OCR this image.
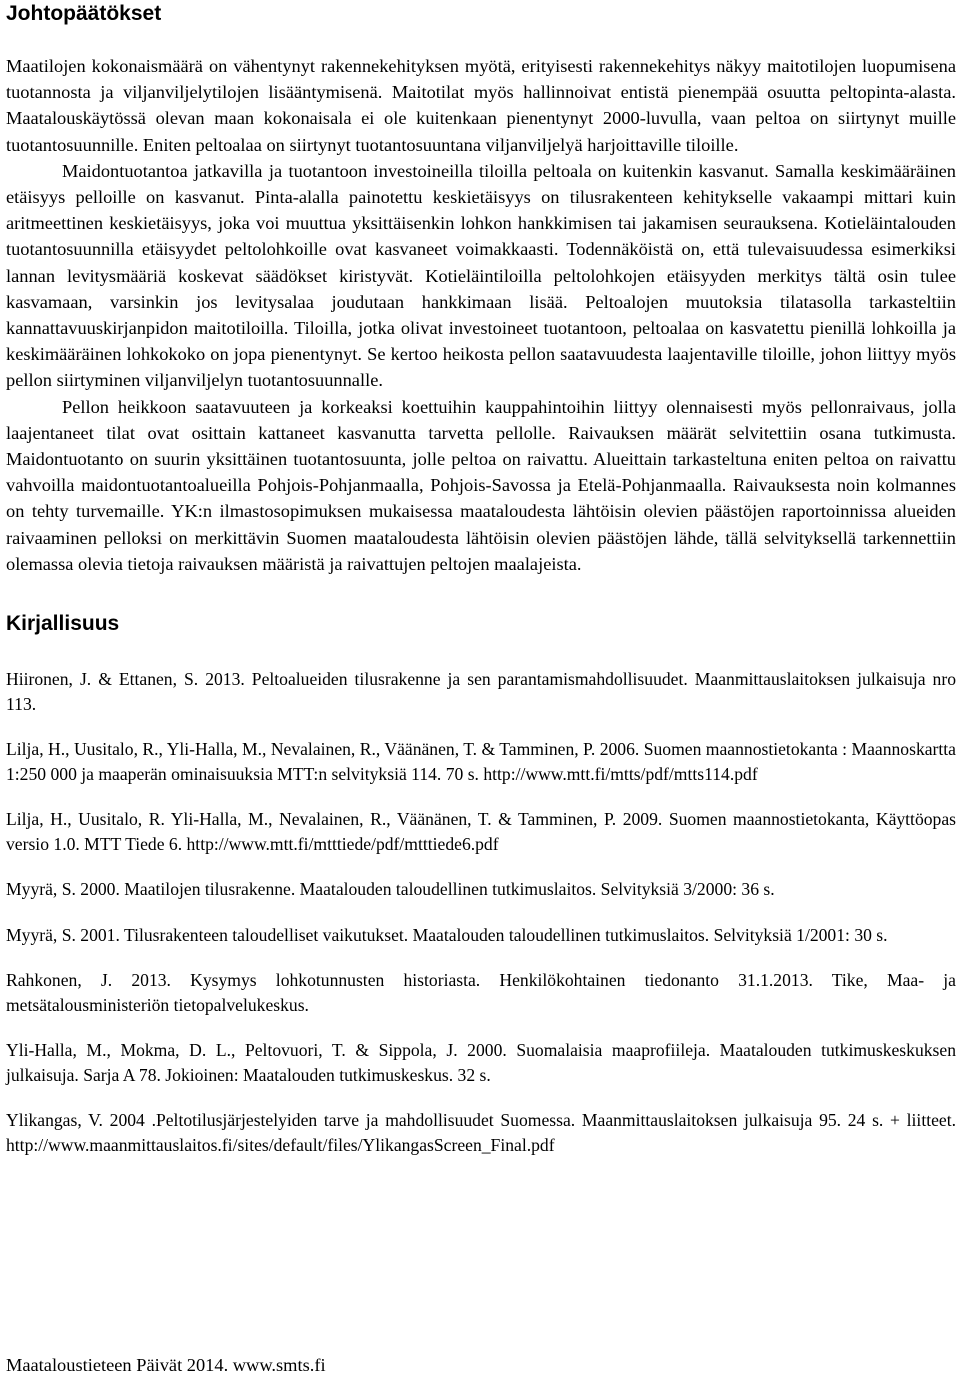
Johtopäätökset

Maatilojen kokonaismäärä on vähentynyt rakennekehityksen myötä, erityisesti rakennekehitys näkyy maitotilojen luopumisena tuotannosta ja viljanviljelytilojen lisääntymisenä. Maitotilat myös hallinnoivat entistä pienempää osuutta peltopinta-alasta. Maatalouskäytössä olevan maan kokonaisala ei ole kuitenkaan pienentynyt 2000-luvulla, vaan peltoa on siirtynyt muille tuotantosuunnille. Eniten peltoalaa on siirtynyt tuotantosuuntana viljanviljelyä harjoittaville tiloille.

Maidontuotantoa jatkavilla ja tuotantoon investoineilla tiloilla peltoala on kuitenkin kasvanut. Samalla keskimääräinen etäisyys pelloille on kasvanut. Pinta-alalla painotettu keskietäisyys on tilusrakenteen kehitykselle vakaampi mittari kuin aritmeettinen keskietäisyys, joka voi muuttua yksittäisenkin lohkon hankkimisen tai jakamisen seurauksena. Kotieläintalouden tuotantosuunnilla etäisyydet peltolohkoille ovat kasvaneet voimakkaasti. Todennäköistä on, että tulevaisuudessa esimerkiksi lannan levitysmääriä koskevat säädökset kiristyvät. Kotieläintiloilla peltolohkojen etäisyyden merkitys tältä osin tulee kasvamaan, varsinkin jos levitysalaa joudutaan hankkimaan lisää. Peltoalojen muutoksia tilatasolla tarkasteltiin kannattavuuskirjanpidon maitotiloilla. Tiloilla, jotka olivat investoineet tuotantoon, peltoalaa on kasvatettu pienillä lohkoilla ja keskimääräinen lohkokoko on jopa pienentynyt. Se kertoo heikosta pellon saatavuudesta laajentaville tiloille, johon liittyy myös pellon siirtyminen viljanviljelyn tuotantosuunnalle.

Pellon heikkoon saatavuuteen ja korkeaksi koettuihin kauppahintoihin liittyy olennaisesti myös pellonraivaus, jolla laajentaneet tilat ovat osittain kattaneet kasvanutta tarvetta pellolle. Raivauksen määrät selvitettiin osana tutkimusta. Maidontuotanto on suurin yksittäinen tuotantosuunta, jolle peltoa on raivattu. Alueittain tarkasteltuna eniten peltoa on raivattu vahvoilla maidontuotantoalueilla Pohjois-Pohjanmaalla, Pohjois-Savossa ja Etelä-Pohjanmaalla. Raivauksesta noin kolmannes on tehty turvemaille. YK:n ilmastosopimuksen mukaisessa maataloudesta lähtöisin olevien päästöjen raportoinnissa alueiden raivaaminen pelloksi on merkittävin Suomen maataloudesta lähtöisin olevien päästöjen lähde, tällä selvityksellä tarkennettiin olemassa olevia tietoja raivauksen määristä ja raivattujen peltojen maalajeista.

Kirjallisuus

Hiironen, J. & Ettanen, S. 2013. Peltoalueiden tilusrakenne ja sen parantamismahdollisuudet. Maanmittauslaitoksen julkaisuja nro 113.

Lilja, H., Uusitalo, R., Yli-Halla, M., Nevalainen, R., Väänänen, T. & Tamminen, P. 2006. Suomen maannostietokanta : Maannoskartta 1:250 000 ja maaperän ominaisuuksia MTT:n selvityksiä 114. 70 s. http://www.mtt.fi/mtts/pdf/mtts114.pdf

Lilja, H., Uusitalo, R. Yli-Halla, M., Nevalainen, R., Väänänen, T. & Tamminen, P. 2009. Suomen maannostietokanta, Käyttöopas versio 1.0. MTT Tiede 6. http://www.mtt.fi/mtttiede/pdf/mtttiede6.pdf

Myyrä, S. 2000. Maatilojen tilusrakenne. Maatalouden taloudellinen tutkimuslaitos. Selvityksiä 3/2000: 36 s.

Myyrä, S. 2001. Tilusrakenteen taloudelliset vaikutukset. Maatalouden taloudellinen tutkimuslaitos. Selvityksiä 1/2001: 30 s.

Rahkonen, J. 2013. Kysymys lohkotunnusten historiasta. Henkilökohtainen tiedonanto 31.1.2013. Tike, Maa- ja metsätalousministeriön tietopalvelukeskus.

Yli-Halla, M., Mokma, D. L., Peltovuori, T. & Sippola, J. 2000. Suomalaisia maaprofiileja. Maatalouden tutkimuskeskuksen julkaisuja. Sarja A 78. Jokioinen: Maatalouden tutkimuskeskus. 32 s.

Ylikangas, V. 2004 .Peltotilusjärjestelyiden tarve ja mahdollisuudet Suomessa. Maanmittauslaitoksen julkaisuja 95. 24 s. + liitteet. http://www.maanmittauslaitos.fi/sites/default/files/YlikangasScreen_Final.pdf

Maataloustieteen Päivät 2014. www.smts.fi
